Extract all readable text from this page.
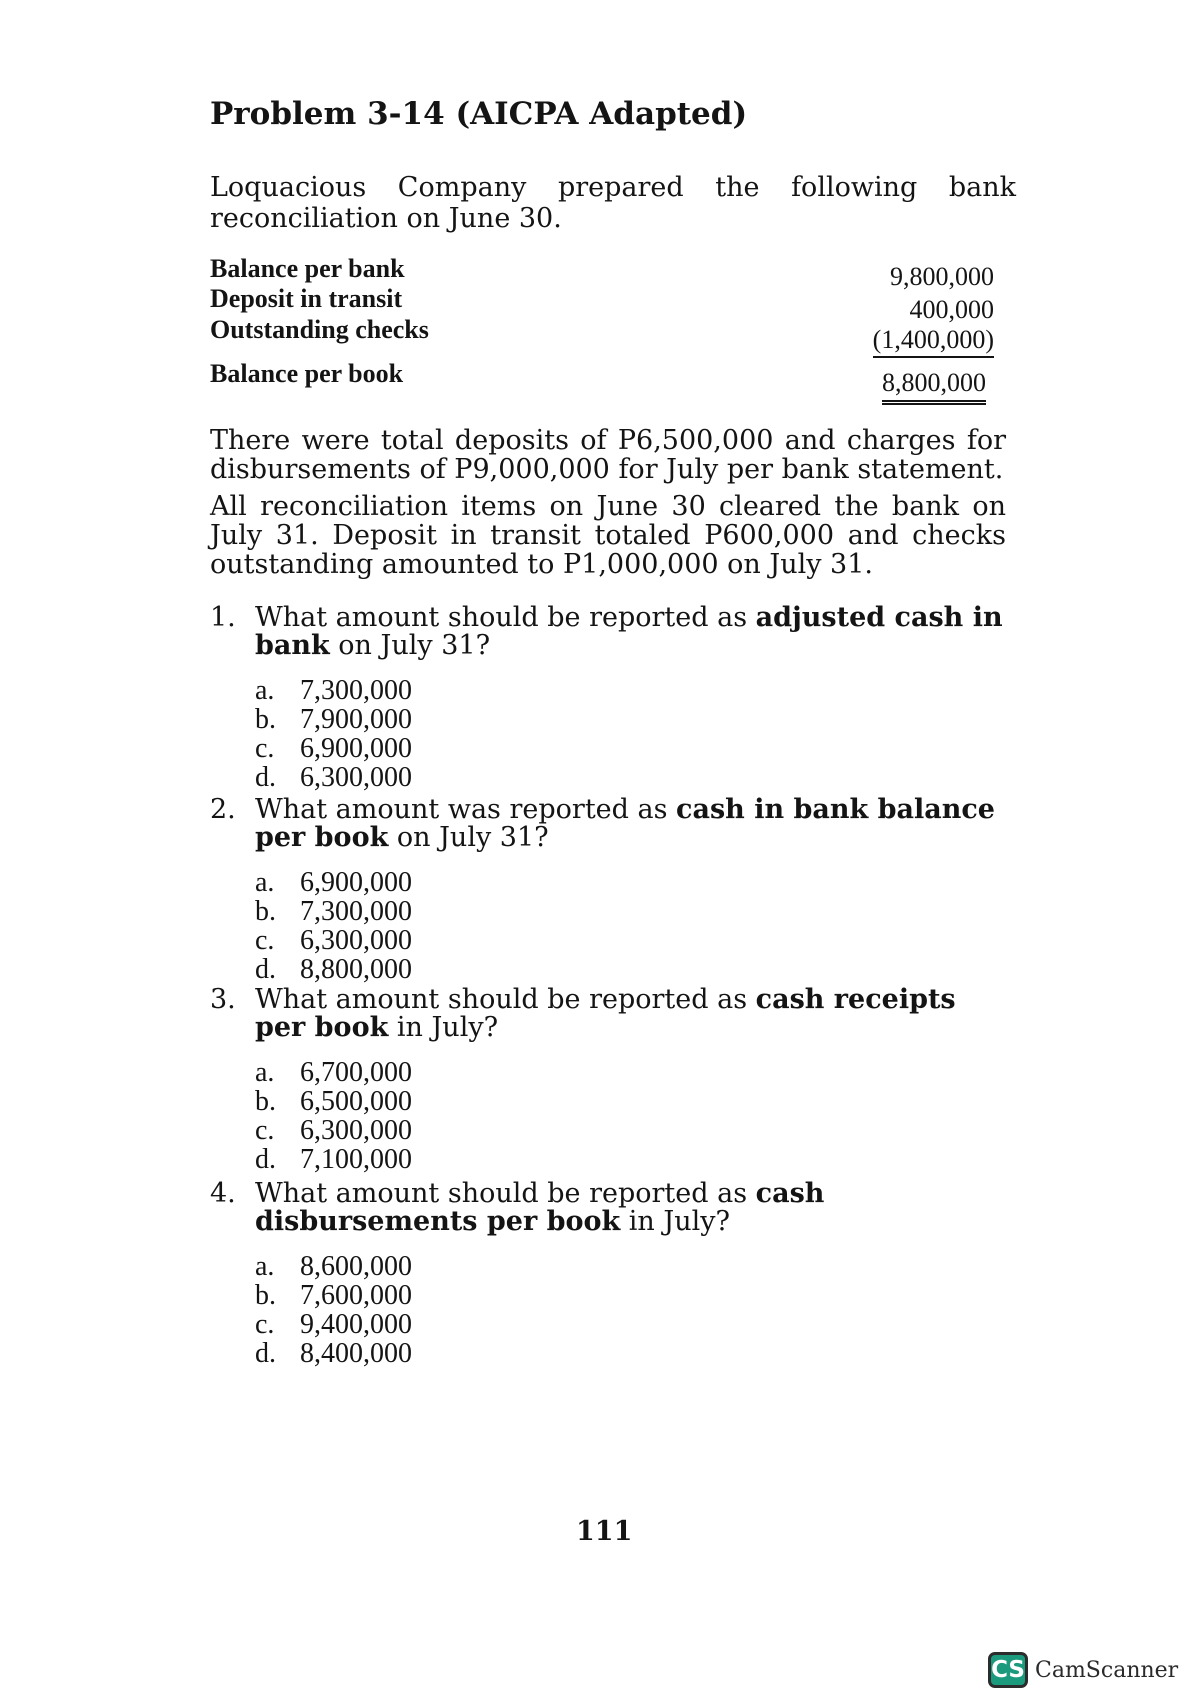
Problem 3-14 (AICPA Adapted)

Loquacious Company prepared the following bank reconciliation on June 30.

Balance per bank	9,800,000
Deposit in transit	400,000
Outstanding checks	(1,400,000)
Balance per book	8,800,000

There were total deposits of P6,500,000 and charges for disbursements of P9,000,000 for July per bank statement.

All reconciliation items on June 30 cleared the bank on July 31. Deposit in transit totaled P600,000 and checks outstanding amounted to P1,000,000 on July 31.

1. What amount should be reported as adjusted cash in bank on July 31?

a. 7,300,000
b. 7,900,000
c. 6,900,000
d. 6,300,000
2. What amount was reported as cash in bank balance per book on July 31?

a. 6,900,000
b. 7,300,000
c. 6,300,000
d. 8,800,000
3. What amount should be reported as cash receipts per book in July?

a. 6,700,000
b. 6,500,000
c. 6,300,000
d. 7,100,000
4. What amount should be reported as cash disbursements per book in July?

a. 8,600,000
b. 7,600,000
c. 9,400,000
d. 8,400,000
111
CS CamScanner
